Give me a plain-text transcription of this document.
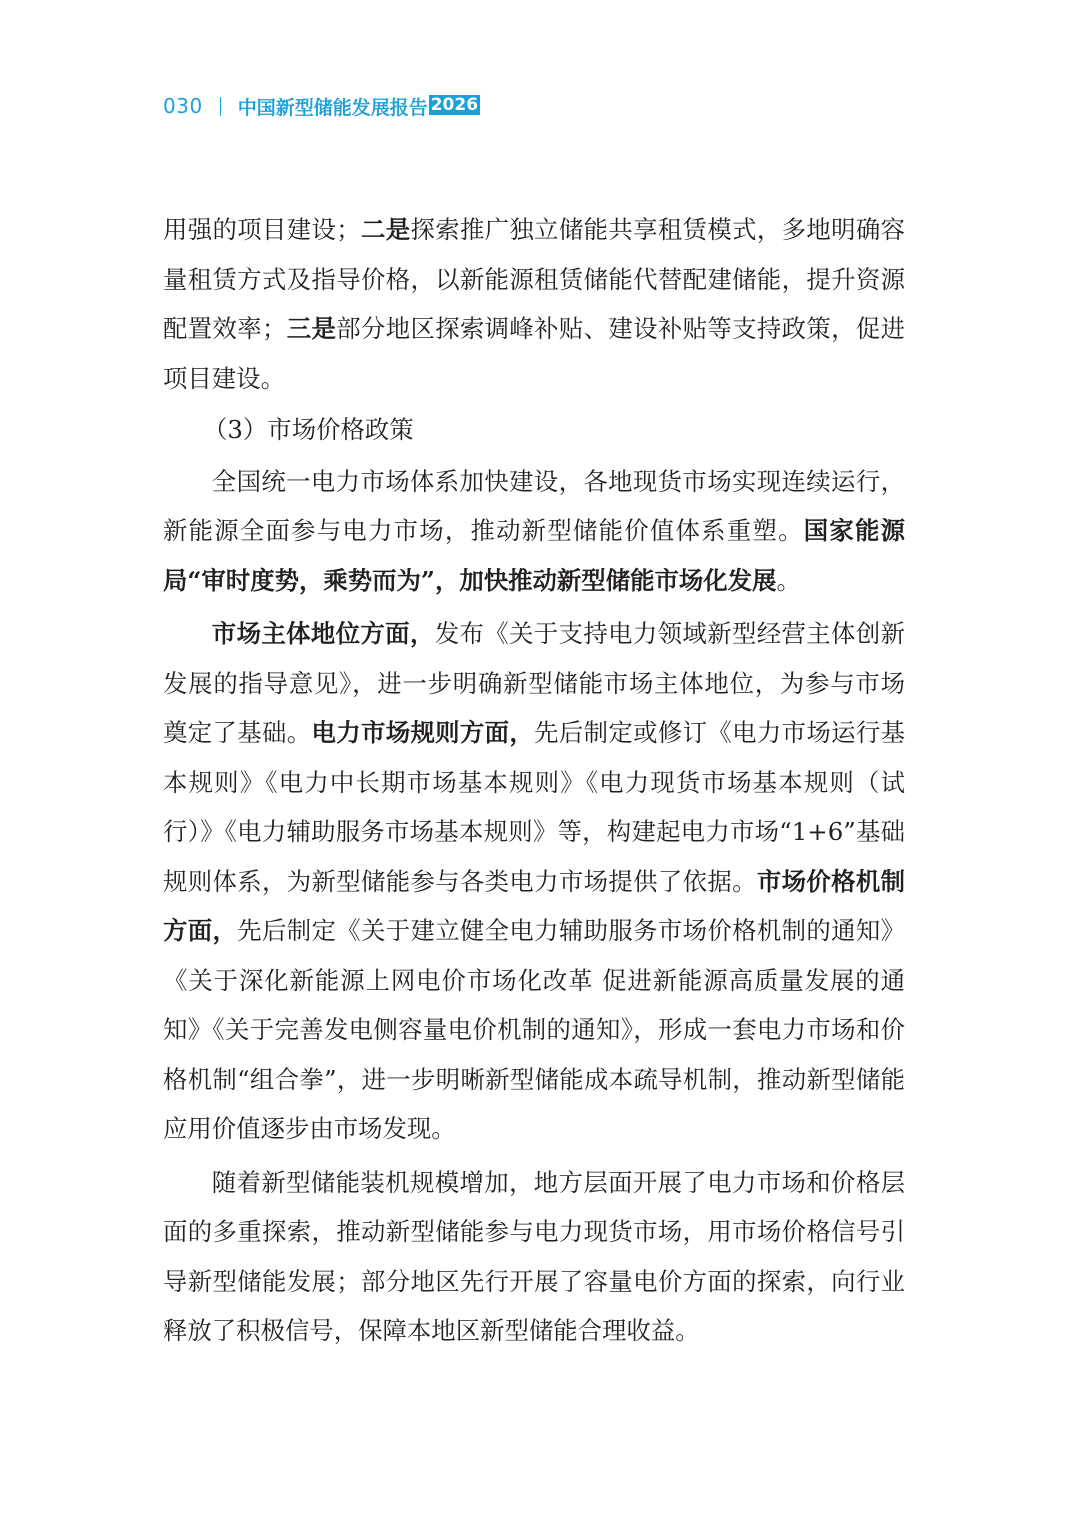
030 中国新型储能发展报告 2026

用强的项目建设；二是探索推广独立储能共享租赁模式，多地明确容量租赁方式及指导价格，以新能源租赁储能代替配建储能，提升资源配置效率；三是部分地区探索调峰补贴、建设补贴等支持政策，促进项目建设。

（3）市场价格政策

全国统一电力市场体系加快建设，各地现货市场实现连续运行，新能源全面参与电力市场，推动新型储能价值体系重塑。国家能源局“审时度势，乘势而为”，加快推动新型储能市场化发展。

市场主体地位方面，发布《关于支持电力领域新型经营主体创新发展的指导意见》，进一步明确新型储能市场主体地位，为参与市场奠定了基础。电力市场规则方面，先后制定或修订《电力市场运行基本规则》《电力中长期市场基本规则》《电力现货市场基本规则（试行）》《电力辅助服务市场基本规则》等，构建起电力市场“1+6”基础规则体系，为新型储能参与各类电力市场提供了依据。市场价格机制方面，先后制定《关于建立健全电力辅助服务市场价格机制的通知》《关于深化新能源上网电价市场化改革 促进新能源高质量发展的通知》《关于完善发电侧容量电价机制的通知》，形成一套电力市场和价格机制“组合拳”，进一步明晰新型储能成本疏导机制，推动新型储能应用价值逐步由市场发现。

随着新型储能装机规模增加，地方层面开展了电力市场和价格层面的多重探索，推动新型储能参与电力现货市场，用市场价格信号引导新型储能发展；部分地区先行开展了容量电价方面的探索，向行业释放了积极信号，保障本地区新型储能合理收益。
